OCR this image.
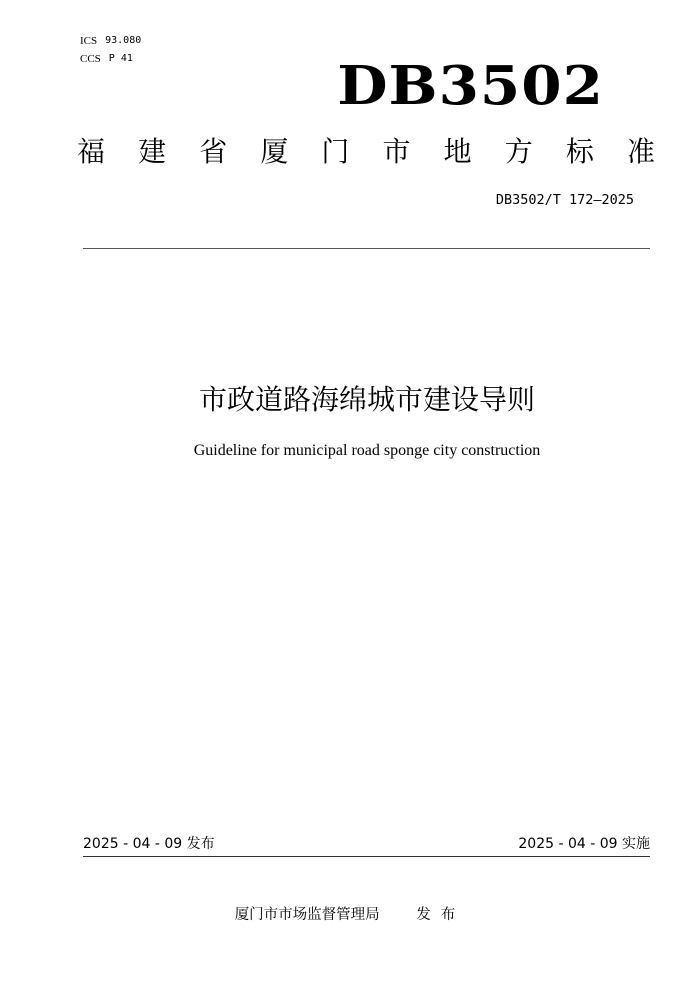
ICS 93.080
CCS P 41	DB3502
福 建 省 厦 门 市 地 方 标 准
DB3502/T 172—2025
市政道路海绵城市建设导则
Guideline for municipal road sponge city construction
2025 - 04 - 09 发布	2025 - 04 - 09 实施
厦门市市场监督管理局	发布
